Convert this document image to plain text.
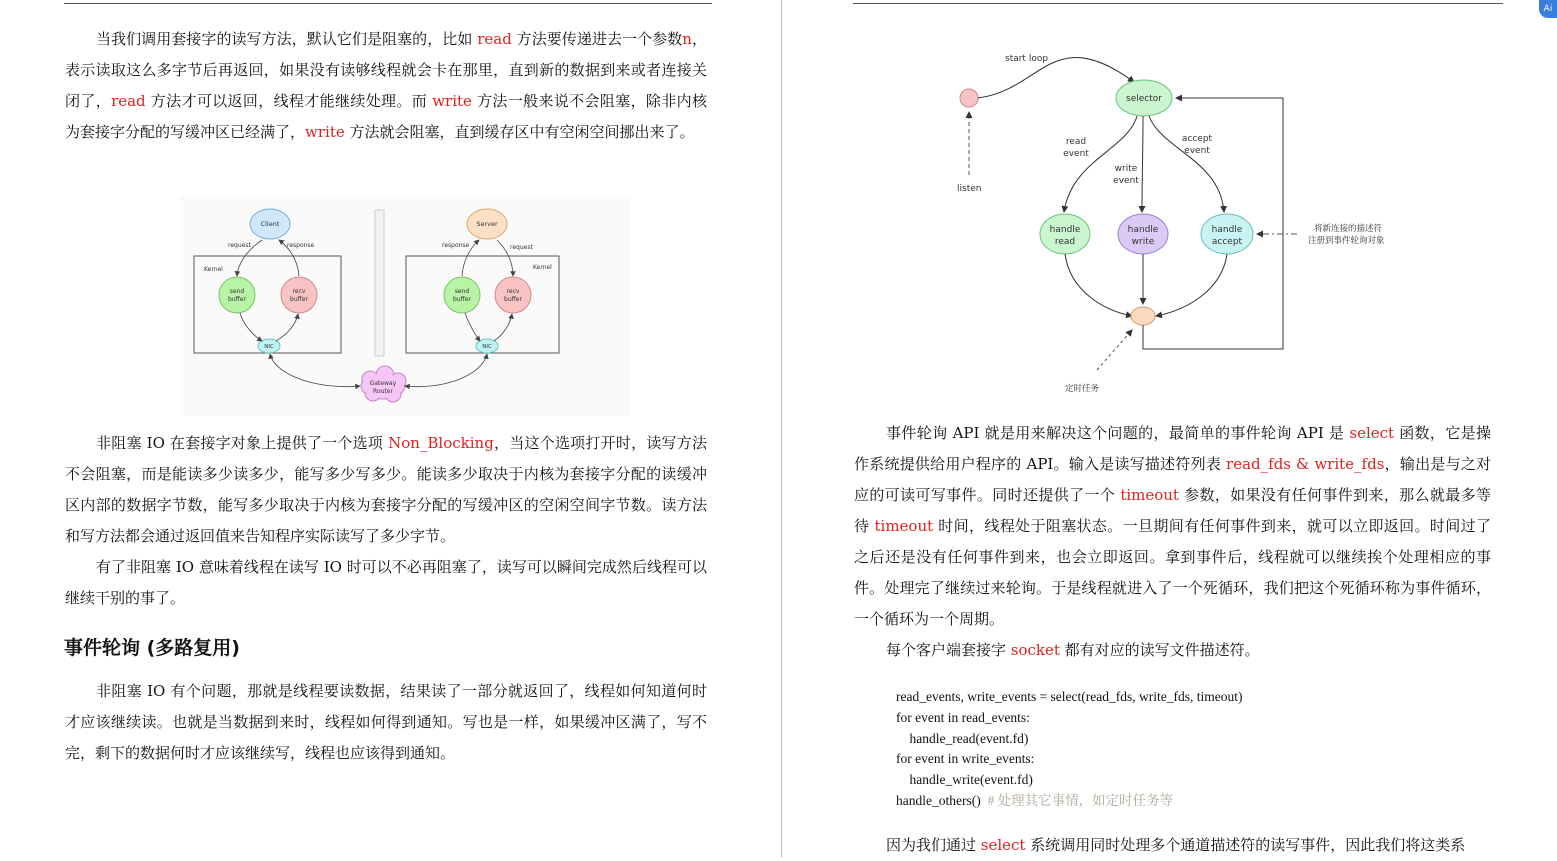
Ai

当我们调用套接字的读写方法，默认它们是阻塞的，比如 read 方法要传递进去一个参数n，表示读取这么多字节后再返回，如果没有读够线程就会卡在那里，直到新的数据到来或者连接关闭了，read 方法才可以返回，线程才能继续处理。而 write 方法一般来说不会阻塞，除非内核为套接字分配的写缓冲区已经满了，write 方法就会阻塞，直到缓存区中有空闲空间挪出来了。

Kernel
Client
request	response
send
buffer
recv
buffer
NIC
Kernel
Server
response	request
send
buffer
recv
buffer
NIC
Gateway
Router

非阻塞 IO 在套接字对象上提供了一个选项 Non_Blocking，当这个选项打开时，读写方法不会阻塞，而是能读多少读多少，能写多少写多少。能读多少取决于内核为套接字分配的读缓冲区内部的数据字节数，能写多少取决于内核为套接字分配的写缓冲区的空闲空间字节数。读方法和写方法都会通过返回值来告知程序实际读写了多少字节。

有了非阻塞 IO 意味着线程在读写 IO 时可以不必再阻塞了，读写可以瞬间完成然后线程可以继续干别的事了。

事件轮询 (多路复用)

非阻塞 IO 有个问题，那就是线程要读数据，结果读了一部分就返回了，线程如何知道何时才应该继续读。也就是当数据到来时，线程如何得到通知。写也是一样，如果缓冲区满了，写不完，剩下的数据何时才应该继续写，线程也应该得到通知。

start loop
listen
selector
read
event
write
event
accept
event
handle
read
handle
write
handle
accept
将新连接的描述符
注册到事件轮询对象
定时任务

事件轮询 API 就是用来解决这个问题的，最简单的事件轮询 API 是 select 函数，它是操作系统提供给用户程序的 API。输入是读写描述符列表 read_fds & write_fds，输出是与之对应的可读可写事件。同时还提供了一个 timeout 参数，如果没有任何事件到来，那么就最多等待 timeout 时间，线程处于阻塞状态。一旦期间有任何事件到来，就可以立即返回。时间过了之后还是没有任何事件到来，也会立即返回。拿到事件后，线程就可以继续挨个处理相应的事件。处理完了继续过来轮询。于是线程就进入了一个死循环，我们把这个死循环称为事件循环，一个循环为一个周期。

每个客户端套接字 socket 都有对应的读写文件描述符。

read_events, write_events = select(read_fds, write_fds, timeout)
for event in read_events:
handle_read(event.fd)
for event in write_events:
handle_write(event.fd)
handle_others()  # 处理其它事情，如定时任务等

因为我们通过 select 系统调用同时处理多个通道描述符的读写事件，因此我们将这类系
